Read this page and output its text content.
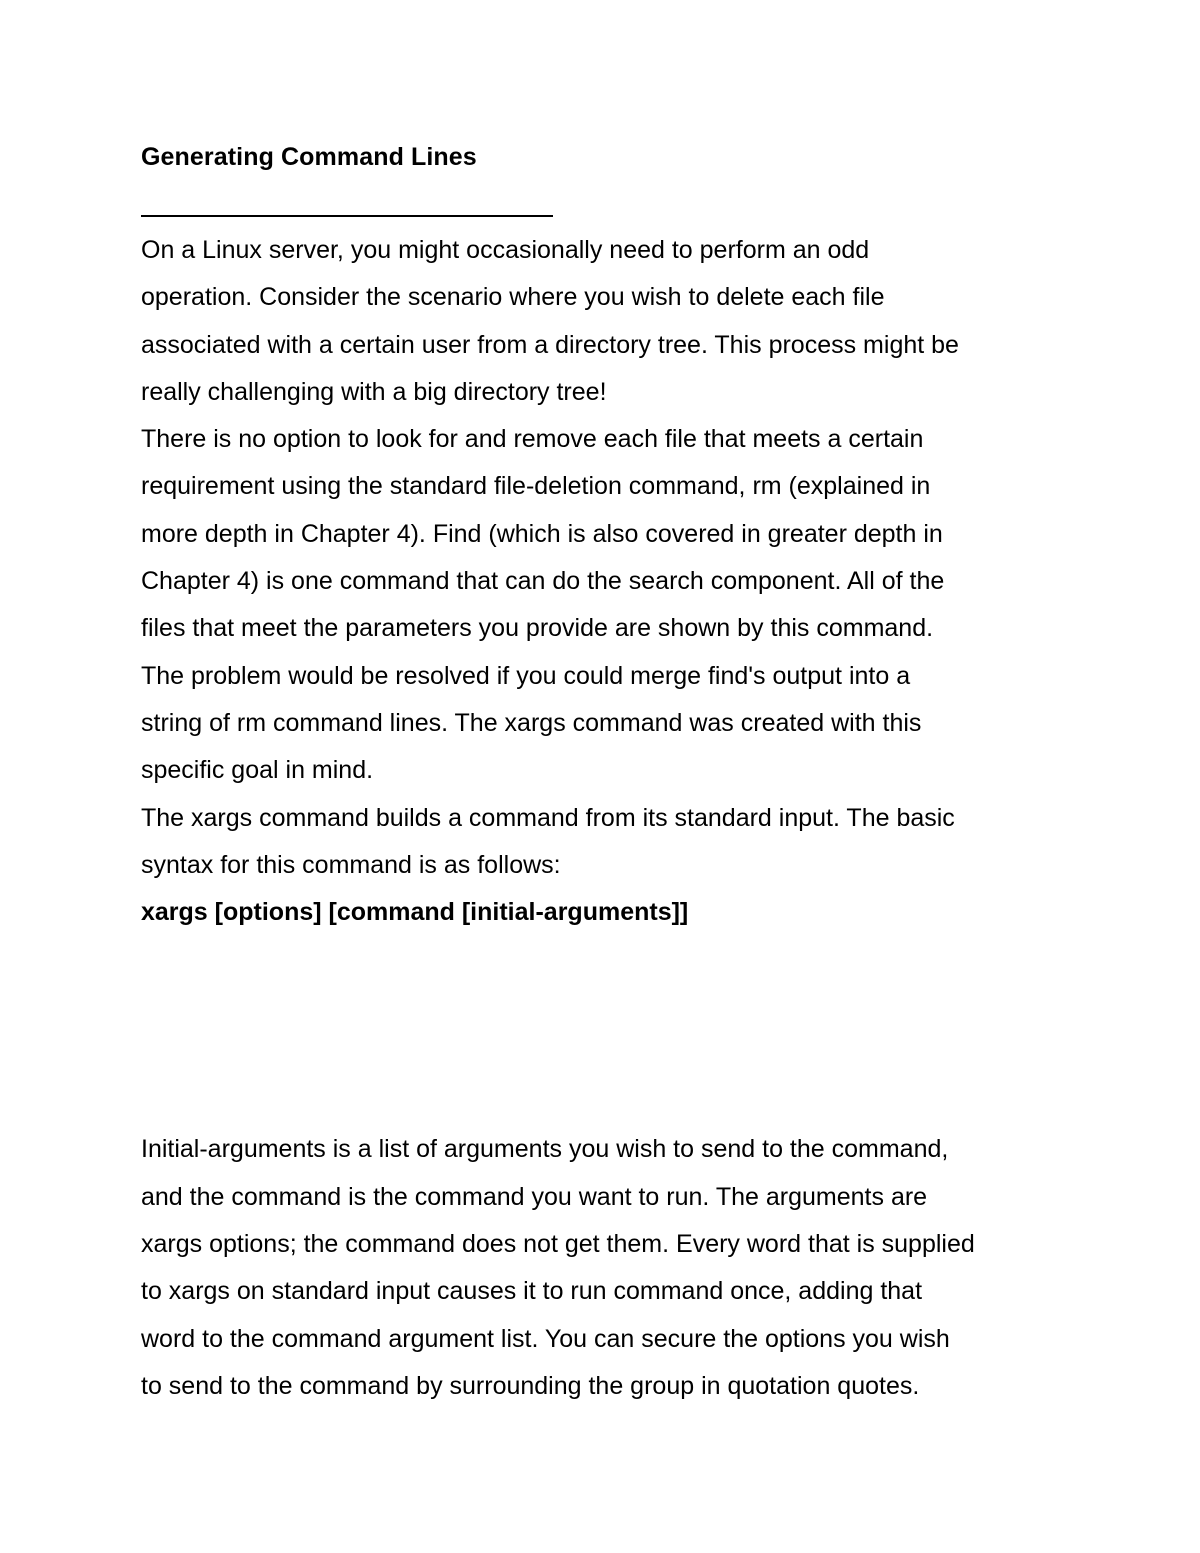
Generating Command Lines

On a Linux server, you might occasionally need to perform an odd

operation. Consider the scenario where you wish to delete each file

associated with a certain user from a directory tree. This process might be

really challenging with a big directory tree!

There is no option to look for and remove each file that meets a certain

requirement using the standard file-deletion command, rm (explained in

more depth in Chapter 4). Find (which is also covered in greater depth in

Chapter 4) is one command that can do the search component. All of the

files that meet the parameters you provide are shown by this command.

The problem would be resolved if you could merge find's output into a

string of rm command lines. The xargs command was created with this

specific goal in mind.

The xargs command builds a command from its standard input. The basic

syntax for this command is as follows:

xargs [options] [command [initial-arguments]]

Initial-arguments is a list of arguments you wish to send to the command,

and the command is the command you want to run. The arguments are

xargs options; the command does not get them. Every word that is supplied

to xargs on standard input causes it to run command once, adding that

word to the command argument list. You can secure the options you wish

to send to the command by surrounding the group in quotation quotes.
